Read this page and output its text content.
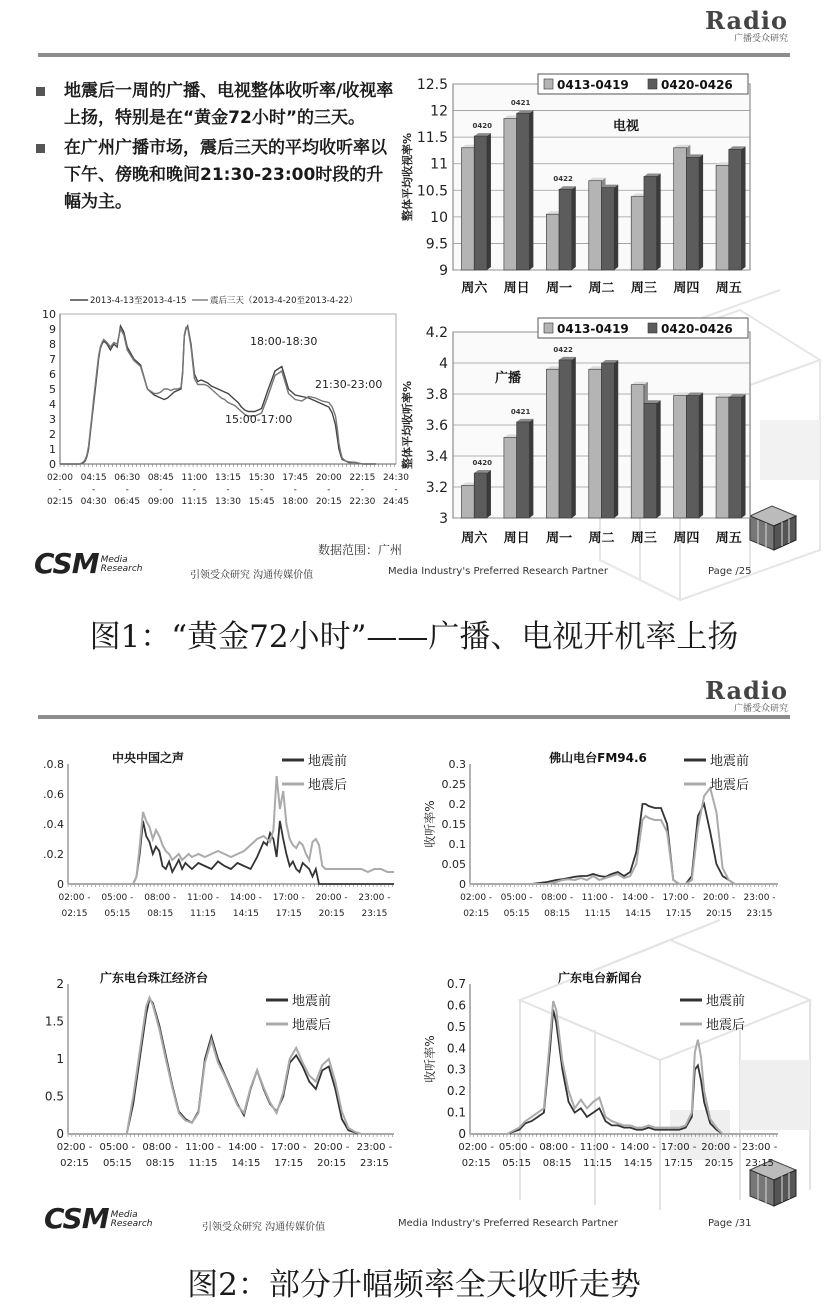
Radio
广播受众研究
地震后一周的广播、电视整体收听率/收视率上扬，特别是在“黄金72小时”的三天。
在广州广播市场，震后三天的平均收听率以下午、傍晚和晚间21:30-23:00时段的升幅为主。
9
9.5
10
10.5
11
11.5
12
12.5
整体平均收视率%
周六 周日 周一 周二 周三 周四 周五
0420
0421
0422
0413-0419	0420-0426
电视
3
3.2
3.4
3.6
3.8
4
4.2
整体平均收听率%
周六 周日 周一 周二 周三 周四 周五
0420
0421
0422
0413-0419	0420-0426
广播
0
1
2
3
4
5
6
7
8
9
10
02:00
02:15
-
04:15
04:30
-
06:30
06:45
-
08:45
09:00
-
11:00
11:15
-
13:15
13:30
-
15:30
15:45
-
17:45
18:00
-
20:00
20:15
-
22:15
22:30
-
24:30
24:45
-
2013-4-13至2013-4-15	震后三天（2013-4-20至2013-4-22）
18:00-18:30
21:30-23:00
15:00-17:00
数据范围：广州
CSM Media
Research
引领受众研究 沟通传媒价值	Media Industry's Preferred Research Partner	Page /25
图1：“黄金72小时”——广播、电视开机率上扬
Radio
广播受众研究
.0.8
.0.6
.0.4
.0.2
0
02:00 -
02:15
05:00 -
05:15
08:00 -
08:15
11:00 -
11:15
14:00 -
14:15
17:00 -
17:15
20:00 -
20:15
23:00 -
23:15
中央中国之声	地震前
地震后
0.3
0.25
0.2
0.15
0.1
0.05
0
02:00 -
02:15
05:00 -
05:15
08:00 -
08:15
11:00 -
11:15
14:00 -
14:15
17:00 -
17:15
20:00 -
20:15
23:00 -
23:15
收听率%
佛山电台FM94.6	地震前
地震后
2
1.5
1
0.5
0
02:00 -
02:15
05:00 -
05:15
08:00 -
08:15
11:00 -
11:15
14:00 -
14:15
17:00 -
17:15
20:00 -
20:15
23:00 -
23:15
广东电台珠江经济台
地震前
地震后
0.7
0.6
0.5
0.4
0.3
0.2
0.1
0
02:00 -
02:15
05:00 -
05:15
08:00 -
08:15
11:00 -
11:15
14:00 -
14:15
17:00 -
17:15
20:00 -
20:15
23:00 -
23:15
收听率%
广东电台新闻台
地震前
地震后
CSM Media
Research	引领受众研究 沟通传媒价值	Media Industry's Preferred Research Partner	Page /31
图2：部分升幅频率全天收听走势
